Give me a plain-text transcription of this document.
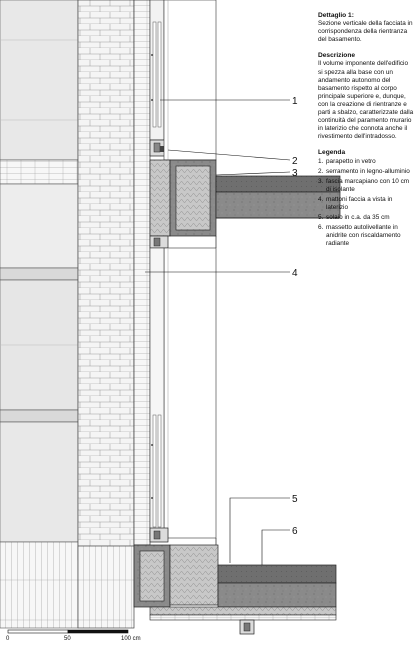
1
2
3
4
5
6
0	50	100 cm
Dettaglio 1:

Sezione verticale della facciata in corrispondenza della rientranza del basamento.

Descrizione

Il volume imponente dell'edificio si spezza alla base con un andamento autonomo del basamento rispetto al corpo principale superiore e, dunque, con la creazione di rientranze e parti a sbalzo, caratterizzate dalla continuità del paramento murario in laterizio che connota anche il rivestimento dell'intradosso.

Legenda
1. parapetto in vetro
2. serramento in legno-alluminio
3. fascia marcapiano con 10 cm di isolante
4. mattoni faccia a vista in laterizio
5. solaio in c.a. da 35 cm
6. massetto autolivellante in anidrite con riscaldamento radiante
